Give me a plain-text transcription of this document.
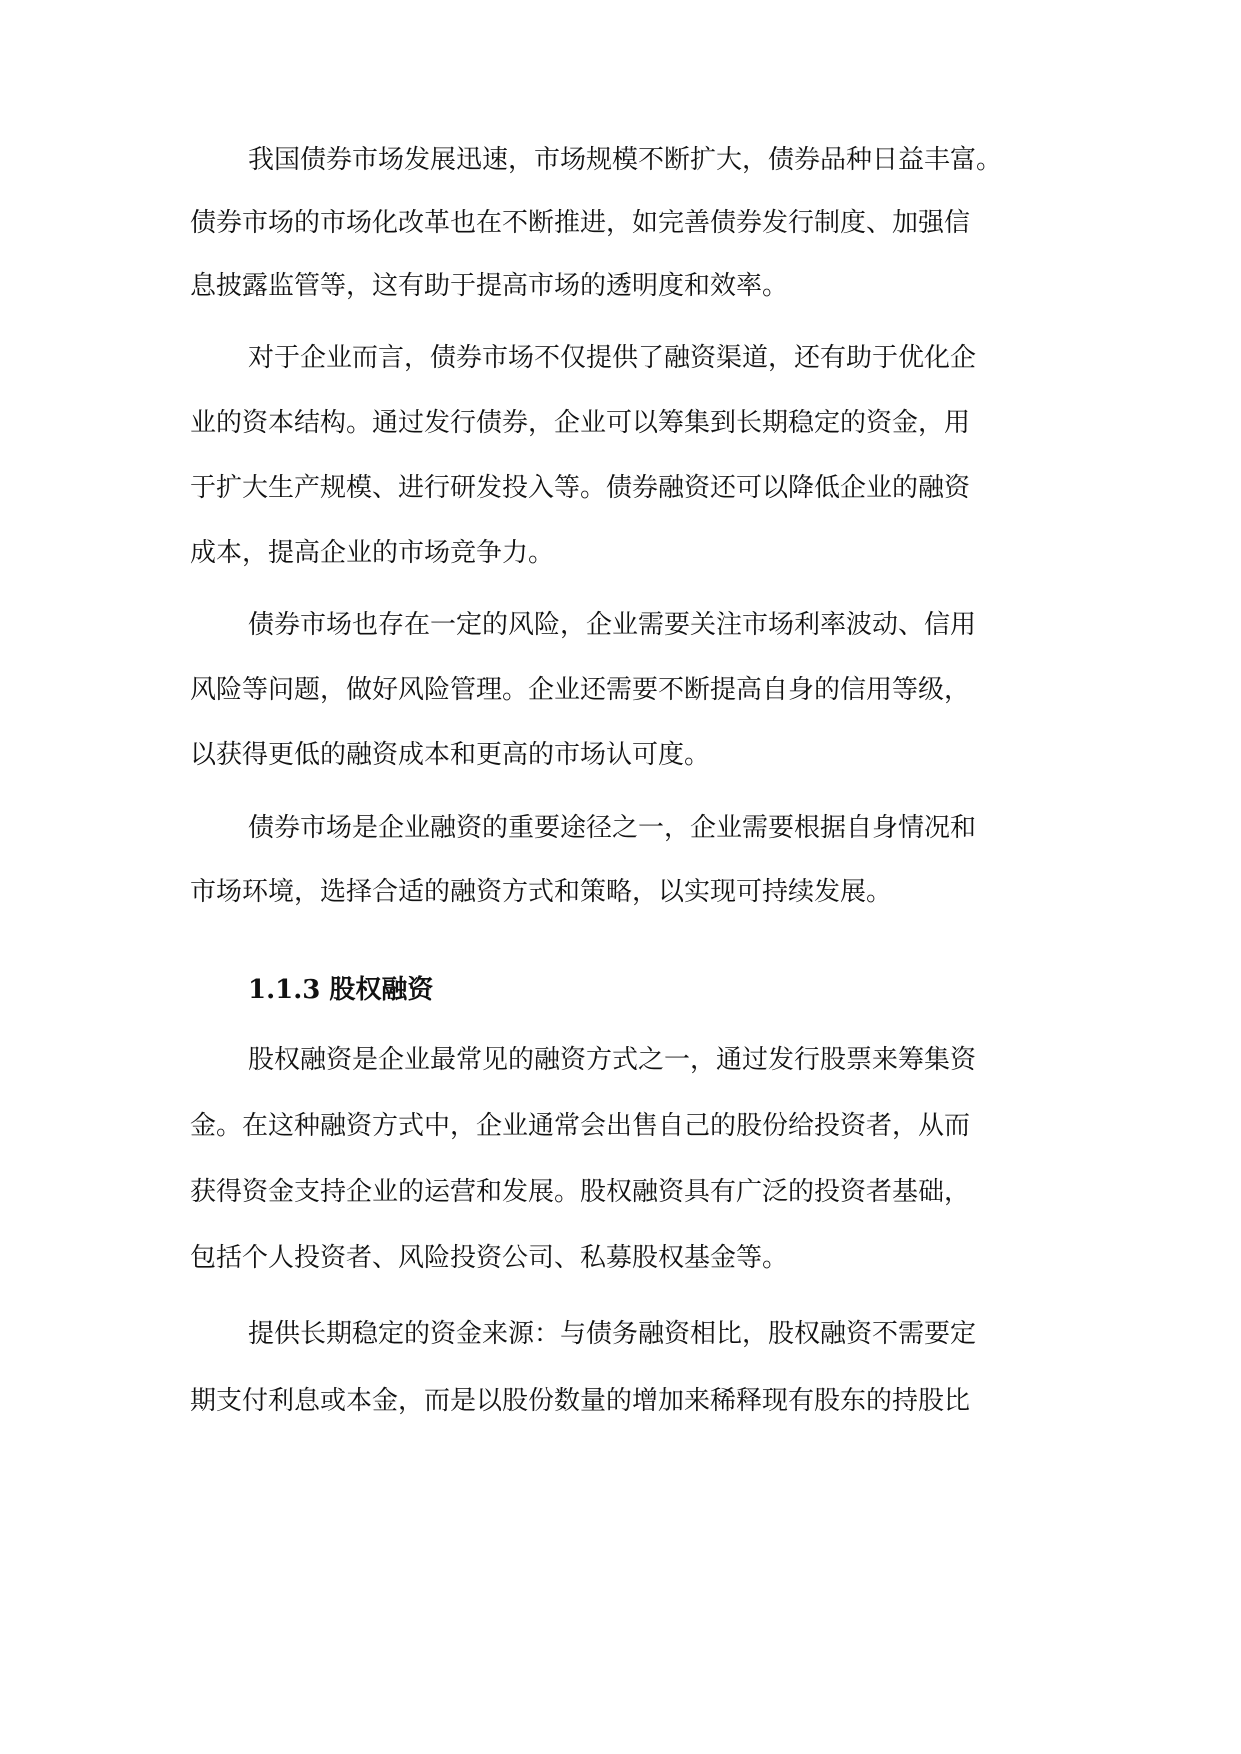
我国债券市场发展迅速，市场规模不断扩大，债券品种日益丰富。
债券市场的市场化改革也在不断推进，如完善债券发行制度、加强信
息披露监管等，这有助于提高市场的透明度和效率。
对于企业而言，债券市场不仅提供了融资渠道，还有助于优化企
业的资本结构。通过发行债券，企业可以筹集到长期稳定的资金，用
于扩大生产规模、进行研发投入等。债券融资还可以降低企业的融资
成本，提高企业的市场竞争力。
债券市场也存在一定的风险，企业需要关注市场利率波动、信用
风险等问题，做好风险管理。企业还需要不断提高自身的信用等级，
以获得更低的融资成本和更高的市场认可度。
债券市场是企业融资的重要途径之一，企业需要根据自身情况和
市场环境，选择合适的融资方式和策略，以实现可持续发展。
1.1.3 股权融资
股权融资是企业最常见的融资方式之一，通过发行股票来筹集资
金。在这种融资方式中，企业通常会出售自己的股份给投资者，从而
获得资金支持企业的运营和发展。股权融资具有广泛的投资者基础，
包括个人投资者、风险投资公司、私募股权基金等。
提供长期稳定的资金来源：与债务融资相比，股权融资不需要定
期支付利息或本金，而是以股份数量的增加来稀释现有股东的持股比
